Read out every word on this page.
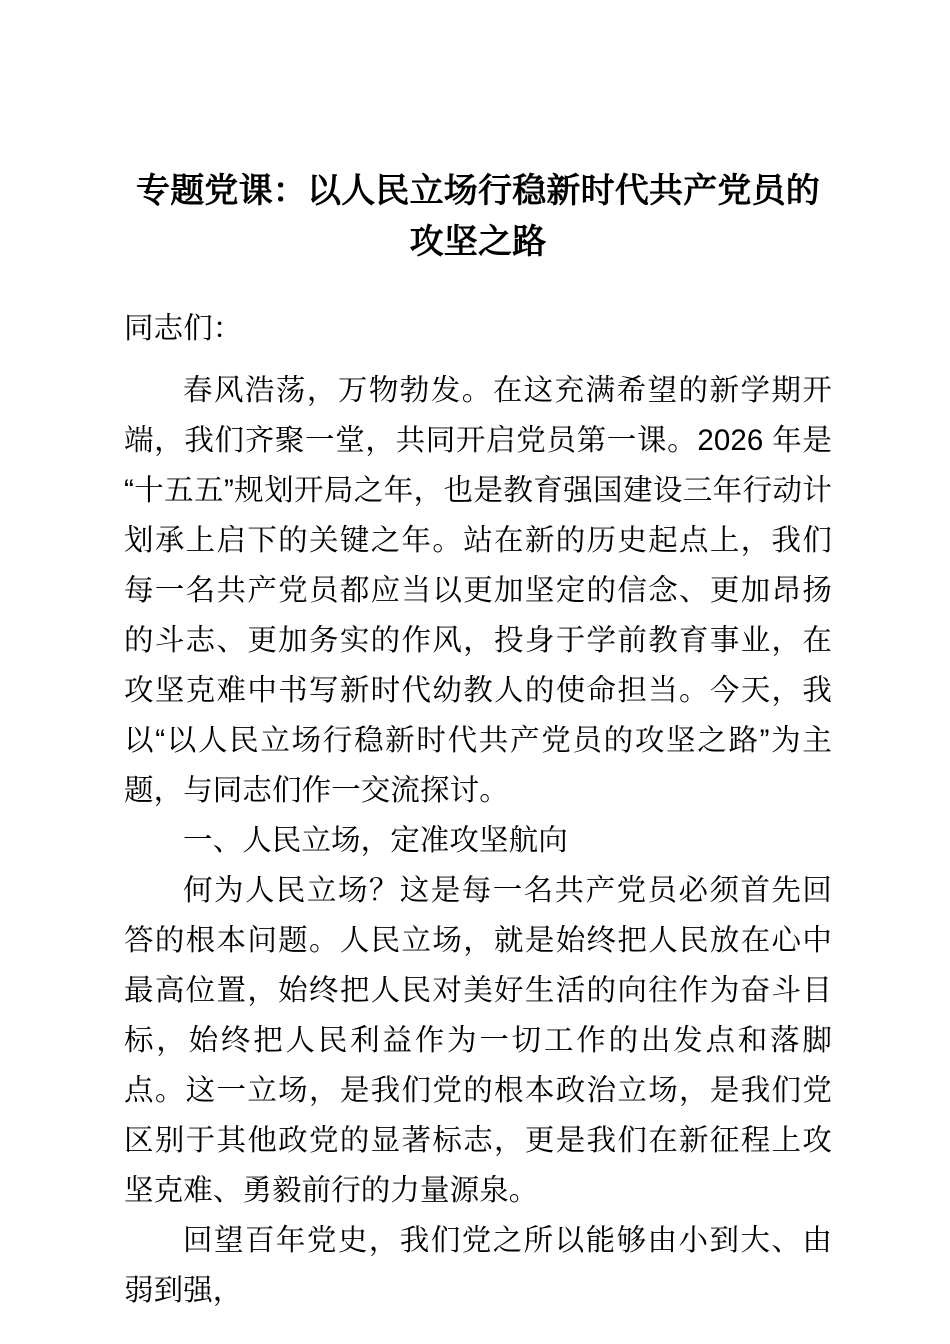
专题党课：以人民立场行稳新时代共产党员的
攻坚之路

同志们：

春风浩荡，万物勃发。在这充满希望的新学期开端，我们齐聚一堂，共同开启党员第一课。2026 年是“十五五”规划开局之年，也是教育强国建设三年行动计划承上启下的关键之年。站在新的历史起点上，我们每一名共产党员都应当以更加坚定的信念、更加昂扬的斗志、更加务实的作风，投身于学前教育事业，在攻坚克难中书写新时代幼教人的使命担当。今天，我以“以人民立场行稳新时代共产党员的攻坚之路”为主题，与同志们作一交流探讨。

一、人民立场，定准攻坚航向

何为人民立场？这是每一名共产党员必须首先回答的根本问题。人民立场，就是始终把人民放在心中最高位置，始终把人民对美好生活的向往作为奋斗目标，始终把人民利益作为一切工作的出发点和落脚点。这一立场，是我们党的根本政治立场，是我们党区别于其他政党的显著标志，更是我们在新征程上攻坚克难、勇毅前行的力量源泉。

回望百年党史，我们党之所以能够由小到大、由弱到强，
